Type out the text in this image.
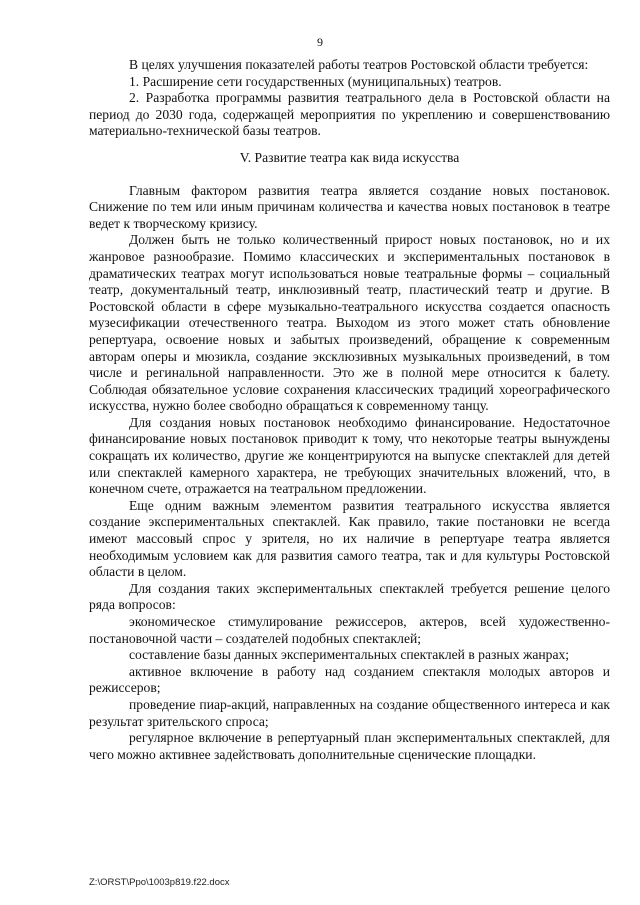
9

В целях улучшения показателей работы театров Ростовской области требуется:

1. Расширение сети государственных (муниципальных) театров.

2. Разработка программы развития театрального дела в Ростовской области на период до 2030 года, содержащей мероприятия по укреплению и совершенствованию материально-технической базы театров.

V. Развитие театра как вида искусства

Главным фактором развития театра является создание новых постановок. Снижение по тем или иным причинам количества и качества новых постановок в театре ведет к творческому кризису.

Должен быть не только количественный прирост новых постановок, но и их жанровое разнообразие. Помимо классических и экспериментальных постановок в драматических театрах могут использоваться новые театральные формы – социальный театр, документальный театр, инклюзивный театр, пластический театр и другие. В Ростовской области в сфере музыкально-театрального искусства создается опасность музесификации отечественного театра. Выходом из этого может стать обновление репертуара, освоение новых и забытых произведений, обращение к современным авторам оперы и мюзикла, создание эксклюзивных музыкальных произведений, в том числе и регинальной направленности. Это же в полной мере относится к балету. Соблюдая обязательное условие сохранения классических традиций хореографического искусства, нужно более свободно обращаться к современному танцу.

Для создания новых постановок необходимо финансирование. Недостаточное финансирование новых постановок приводит к тому, что некоторые театры вынуждены сокращать их количество, другие же концентрируются на выпуске спектаклей для детей или спектаклей камерного характера, не требующих значительных вложений, что, в конечном счете, отражается на театральном предложении.

Еще одним важным элементом развития театрального искусства является создание экспериментальных спектаклей. Как правило, такие постановки не всегда имеют массовый спрос у зрителя, но их наличие в репертуаре театра является необходимым условием как для развития самого театра, так и для культуры Ростовской области в целом.

Для создания таких экспериментальных спектаклей требуется решение целого ряда вопросов:

экономическое стимулирование режиссеров, актеров, всей художественно-постановочной части – создателей подобных спектаклей;

составление базы данных экспериментальных спектаклей в разных жанрах;

активное включение в работу над созданием спектакля молодых авторов и режиссеров;

проведение пиар-акций, направленных на создание общественного интереса и как результат зрительского спроса;

регулярное включение в репертуарный план экспериментальных спектаклей, для чего можно активнее задействовать дополнительные сценические площадки.

Z:\ORST\Ppo\1003p819.f22.docx
